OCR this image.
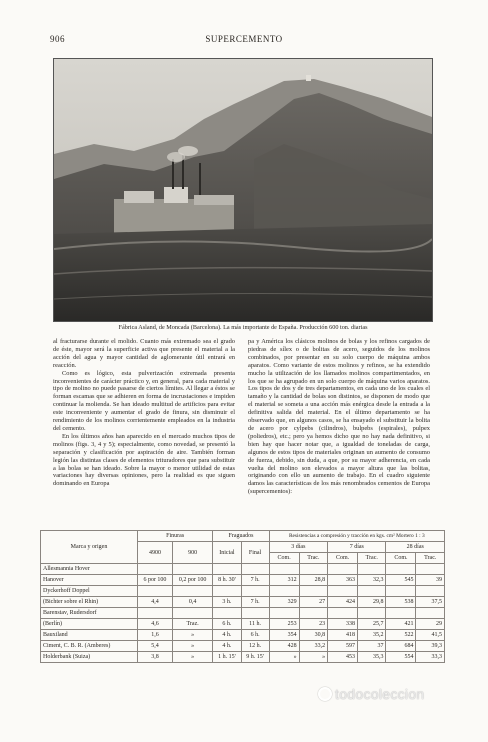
906	SUPERCEMENTO
Fábrica Asland, de Moncada (Barcelona). La más importante de España. Producción 600 ton. diarias

al fracturarse durante el molido. Cuanto más extremado sea el grado de éste, mayor será la superficie activa que presente el material a la acción del agua y mayor cantidad de aglomerante útil entrará en reacción.

Como es lógico, esta pulverización extremada presenta inconvenientes de carácter práctico y, en general, para cada material y tipo de molino no puede pasarse de ciertos límites. Al llegar a éstos se forman escamas que se adhieren en forma de incrustaciones e impiden continuar la molienda. Se han ideado multitud de artificios para evitar este inconveniente y aumentar el grado de finura, sin disminuir el rendimiento de los molinos corrientemente empleados en la industria del cemento.

En los últimos años han aparecido en el mercado muchos tipos de molinos (figs. 3, 4 y 5); especialmente, como novedad, se presentó la separación y clasificación por aspiración de aire. También forman legión las distintas clases de elementos trituradores que para substituir a las bolas se han ideado. Sobre la mayor o menor utilidad de estas variaciones hay diversas opiniones, pero la realidad es que siguen dominando en Europa

pa y América los clásicos molinos de bolas y los refinos cargados de piedras de sílex o de bolitas de acero, seguidos de los molinos combinados, por presentar en su solo cuerpo de máquina ambos aparatos. Como variante de estos molinos y refinos, se ha extendido mucho la utilización de los llamados molinos compartimentados, en los que se ha agrupado en un solo cuerpo de máquina varios aparatos. Los tipos de dos y de tres departamentos, en cada uno de los cuales el tamaño y la cantidad de bolas son distintos, se disponen de modo que el material se someta a una acción más enérgica desde la entrada a la definitiva salida del material. En el último departamento se ha observado que, en algunos casos, se ha ensayado el substituir la bolita de acero por cylpebs (cilindros), bulpebs (espirales), pulpex (poliedros), etc.; pero ya hemos dicho que no hay nada definitivo, si bien hay que hacer notar que, a igualdad de toneladas de carga, algunos de estos tipos de materiales originan un aumento de consumo de fuerza, debido, sin duda, a que, por su mayor adherencia, en cada vuelta del molino son elevados a mayor altura que las bolitas, originando con ello un aumento de trabajo. En el cuadro siguiente damos las características de los más renombrados cementos de Europa (supercementos):

Marca y origen	Finuras		Fraguados		Resistencias a compresión y tracción en kgs. cm² Mortero 1 : 3					
	4900	900	Inicial	Final	3 días		7 días		28 días	
					Com.	Trac.	Com.	Trac.	Com.	Trac.
Allesmannia Hover										
Hanover	6 por 100	0,2 por 100	8 h. 30'	7 h.	312	28,8	363	32,3	545	39
Dyckerhoff Doppel										
(Bichter sobre el Rhin)	4,4	0,4	3 h.	7 h.	329	27	424	29,8	538	37,5
Barenstav, Rudersdorf										
(Berlín)	4,6	Traz.	6 h.	11 h.	253	23	338	25,7	421	29
Bauxiland	1,6	»	4 h.	6 h.	354	30,8	418	35,2	522	41,5
Ciment, C. B. R. (Amberes)	5,4	»	4 h.	12 h.	428	33,2	597	37	684	39,3
Holderbank (Suiza)	3,8	»	1 h. 15'	9 h. 15'	»	»	453	35,3	554	33,3
todocoleccion
